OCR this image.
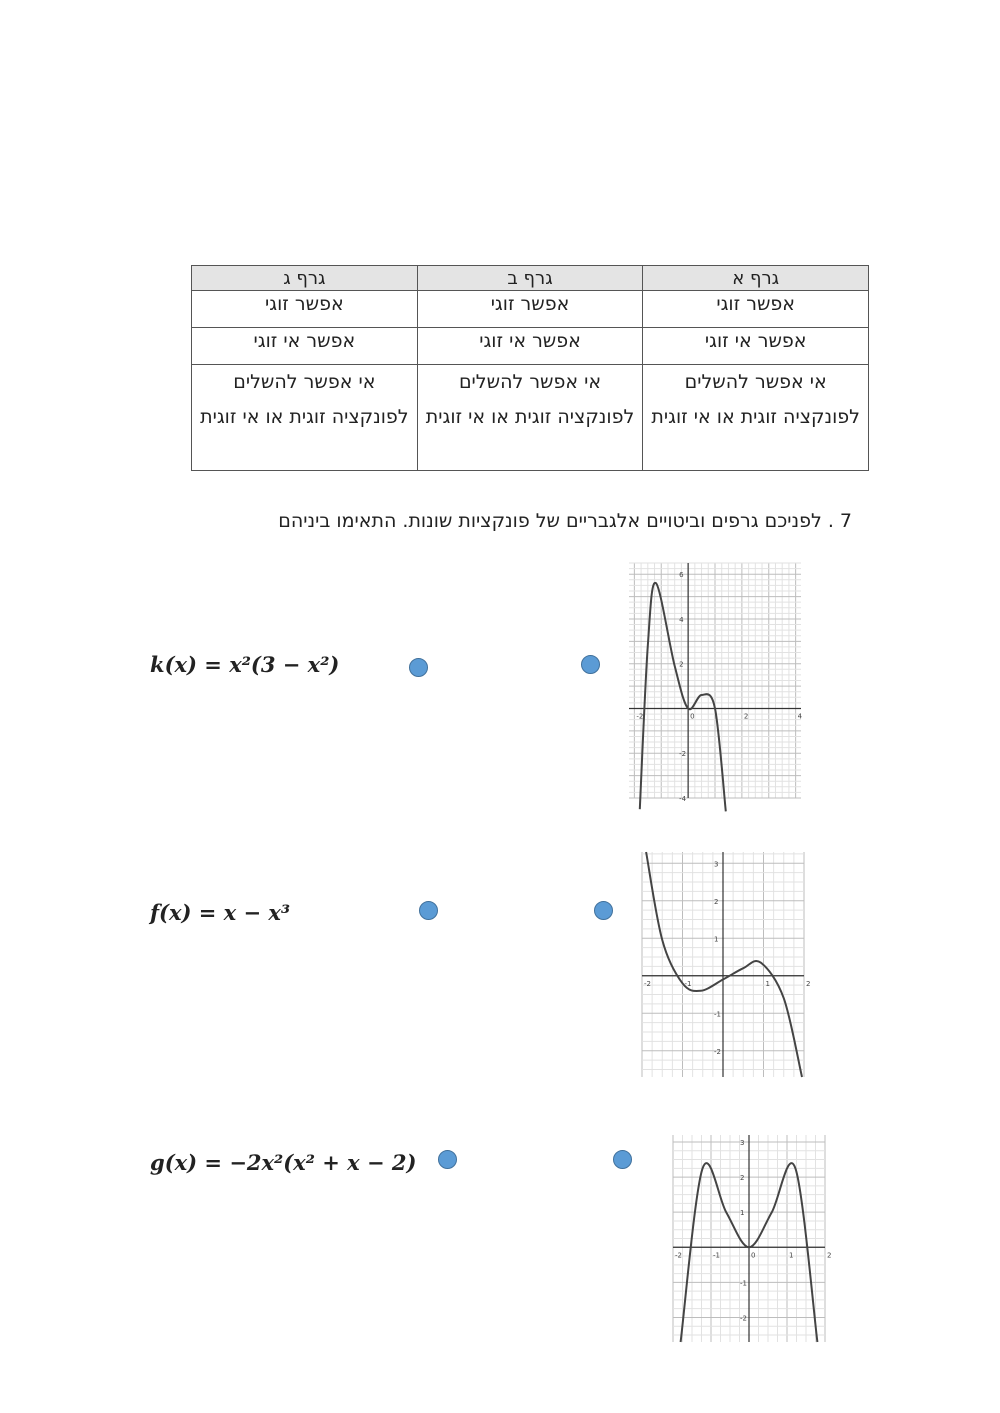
גרף א	גרף ב	גרף ג
אפשר זוגי	אפשר זוגי	אפשר זוגי
אפשר אי זוגי	אפשר אי זוגי	אפשר אי זוגי
אי אפשר להשלים לפונקציה זוגית או אי זוגית	אי אפשר להשלים לפונקציה זוגית או אי זוגית	אי אפשר להשלים לפונקציה זוגית או אי זוגית
7 . לפניכם גרפים וביטויים אלגבריים של פונקציות שונות. התאימו ביניהם
k(x) = x²(3 − x²)
f(x) = x − x³
g(x) = −2x²(x² + x − 2)
-2	0	2	4
6
4
2
-2
-4
-2	-1	1	2
3
2
1
-1
-2
-2	-1	0	1	2
3
2
1
-1
-2
